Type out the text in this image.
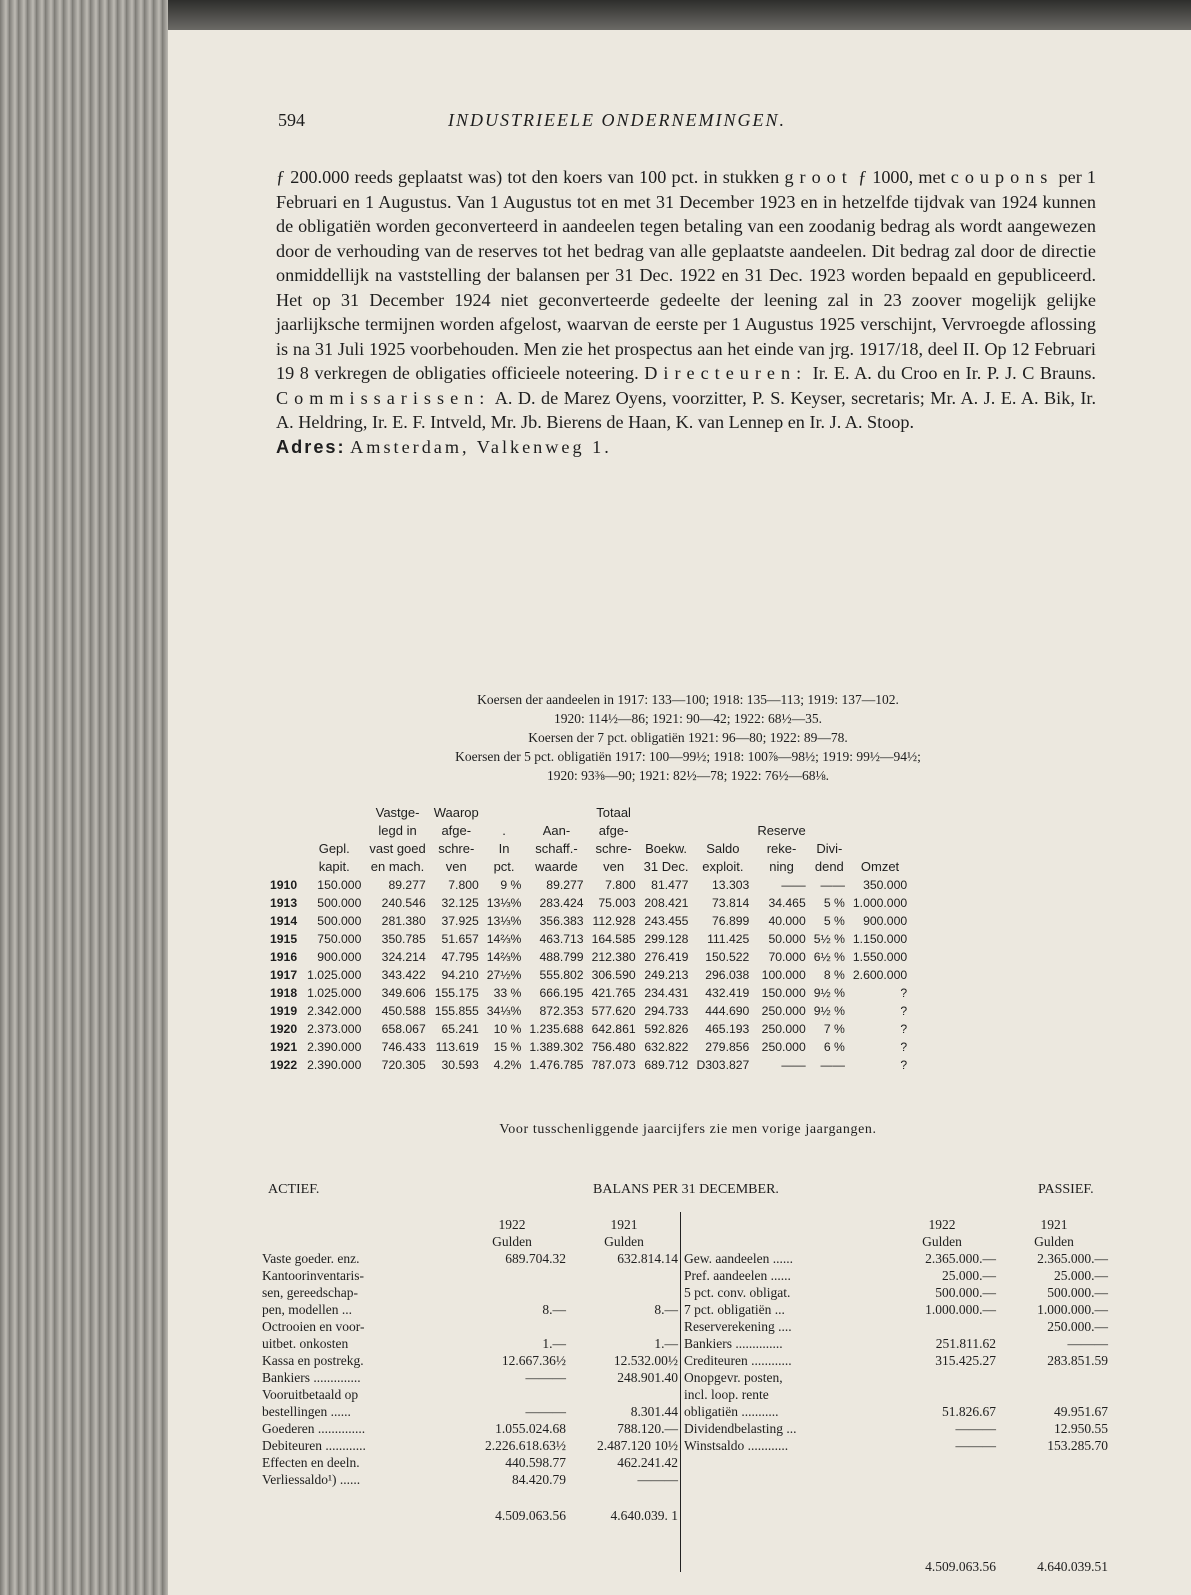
594	INDUSTRIEELE ONDERNEMINGEN.

ƒ 200.000 reeds geplaatst was) tot den koers van 100 pct. in stukken groot ƒ 1000, met coupons per 1 Februari en 1 Augustus. Van 1 Augustus tot en met 31 December 1923 en in hetzelfde tijdvak van 1924 kunnen de obligatiën worden geconverteerd in aandeelen tegen betaling van een zoodanig bedrag als wordt aangewezen door de verhouding van de reserves tot het bedrag van alle geplaatste aandeelen. Dit bedrag zal door de directie onmiddellijk na vaststelling der balansen per 31 Dec. 1922 en 31 Dec. 1923 worden bepaald en gepubliceerd. Het op 31 December 1924 niet geconverteerde gedeelte der leening zal in 23 zoover mogelijk gelijke jaarlijksche termijnen worden afgelost, waarvan de eerste per 1 Augustus 1925 verschijnt, Vervroegde aflossing is na 31 Juli 1925 voorbehouden. Men zie het prospectus aan het einde van jrg. 1917/18, deel II. Op 12 Februari 19 8 verkregen de obligaties officieele noteering. Directeuren: Ir. E. A. du Croo en Ir. P. J. C Brauns. Commissarissen: A. D. de Marez Oyens, voorzitter, P. S. Keyser, secretaris; Mr. A. J. E. A. Bik, Ir. A. Heldring, Ir. E. F. Intveld, Mr. Jb. Bierens de Haan, K. van Lennep en Ir. J. A. Stoop.

Adres: Amsterdam, Valkenweg 1.

Koersen der aandeelen in 1917: 133—100; 1918: 135—113; 1919: 137—102.
1920: 114½—86; 1921: 90—42; 1922: 68½—35.
Koersen der 7 pct. obligatiën 1921: 96—80; 1922: 89—78.
Koersen der 5 pct. obligatiën 1917: 100—99½; 1918: 100⅞—98½; 1919: 99½—94½;
1920: 93⅜—90; 1921: 82½—78; 1922: 76½—68⅛.
		Vastge-	Waarop			Totaal					
		legd in	afge-	.	Aan-	afge-			Reserve		
	Gepl.	vast goed	schre-	In	schaff.-	schre-	Boekw.	Saldo	reke-	Divi-	
	kapit.	en mach.	ven	pct.	waarde	ven	31 Dec.	exploit.	ning	dend	Omzet
1910	150.000	89.277	7.800	9 %	89.277	7.800	81.477	13.303	——	——	350.000
1913	500.000	240.546	32.125	13⅓%	283.424	75.003	208.421	73.814	34.465	5 %	1.000.000
1914	500.000	281.380	37.925	13⅓%	356.383	112.928	243.455	76.899	40.000	5 %	900.000
1915	750.000	350.785	51.657	14⅔%	463.713	164.585	299.128	111.425	50.000	5½ %	1.150.000
1916	900.000	324.214	47.795	14⅔%	488.799	212.380	276.419	150.522	70.000	6½ %	1.550.000
1917	1.025.000	343.422	94.210	27½%	555.802	306.590	249.213	296.038	100.000	8 %	2.600.000
1918	1.025.000	349.606	155.175	33 %	666.195	421.765	234.431	432.419	150.000	9½ %	?
1919	2.342.000	450.588	155.855	34⅓%	872.353	577.620	294.733	444.690	250.000	9½ %	?
1920	2.373.000	658.067	65.241	10 %	1.235.688	642.861	592.826	465.193	250.000	7 %	?
1921	2.390.000	746.433	113.619	15 %	1.389.302	756.480	632.822	279.856	250.000	6 %	?
1922	2.390.000	720.305	30.593	4.2%	1.476.785	787.073	689.712	D303.827	——	——	?
Voor tusschenliggende jaarcijfers zie men vorige jaargangen.
ACTIEF.	BALANS PER 31 DECEMBER.	PASSIEF.
	1922	1921
	Gulden	Gulden
Vaste goeder. enz.	689.704.32	632.814.14
Kantoorinventaris-		
sen, gereedschap-		
pen, modellen ...	8.—	8.—
Octrooien en voor-		
uitbet. onkosten	1.—	1.—
Kassa en postrekg.	12.667.36½	12.532.00½
Bankiers ..............	———	248.901.40
Vooruitbetaald op		
bestellingen ......	———	8.301.44
Goederen ..............	1.055.024.68	788.120.—
Debiteuren ............	2.226.618.63½	2.487.120 10½
Effecten en deeln.	440.598.77	462.241.42
Verliessaldo¹) ......	84.420.79	———

	4.509.063.56	4.640.039. 1
	1922	1921
	Gulden	Gulden
Gew. aandeelen ......	2.365.000.—	2.365.000.—
Pref. aandeelen ......	25.000.—	25.000.—
5 pct. conv. obligat.	500.000.—	500.000.—
7 pct. obligatiën ...	1.000.000.—	1.000.000.—
Reserverekening ....		250.000.—
Bankiers ..............	251.811.62	———
Crediteuren ............	315.425.27	283.851.59
Onopgevr. posten,		
incl. loop. rente		
obligatiën ...........	51.826.67	49.951.67
Dividendbelasting ...	———	12.950.55
Winstsaldo ............	———	153.285.70

	4.509.063.56	4.640.039.51
